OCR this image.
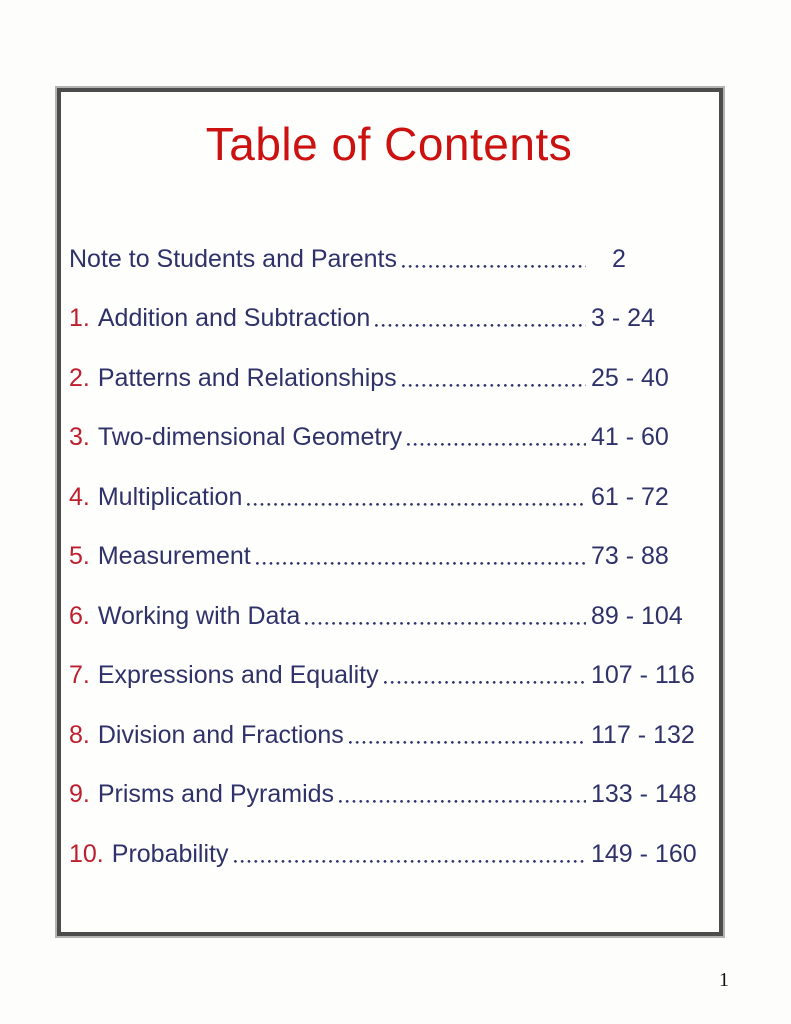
Table of Contents
Note to Students and Parents	2
1. Addition and Subtraction	3 - 24
2. Patterns and Relationships	25 - 40
3. Two-dimensional Geometry	41 - 60
4. Multiplication	61 - 72
5. Measurement	73 - 88
6. Working with Data	89 - 104
7. Expressions and Equality	107 - 116
8. Division and Fractions	117 - 132
9. Prisms and Pyramids	133 - 148
10. Probability	149 - 160
1
